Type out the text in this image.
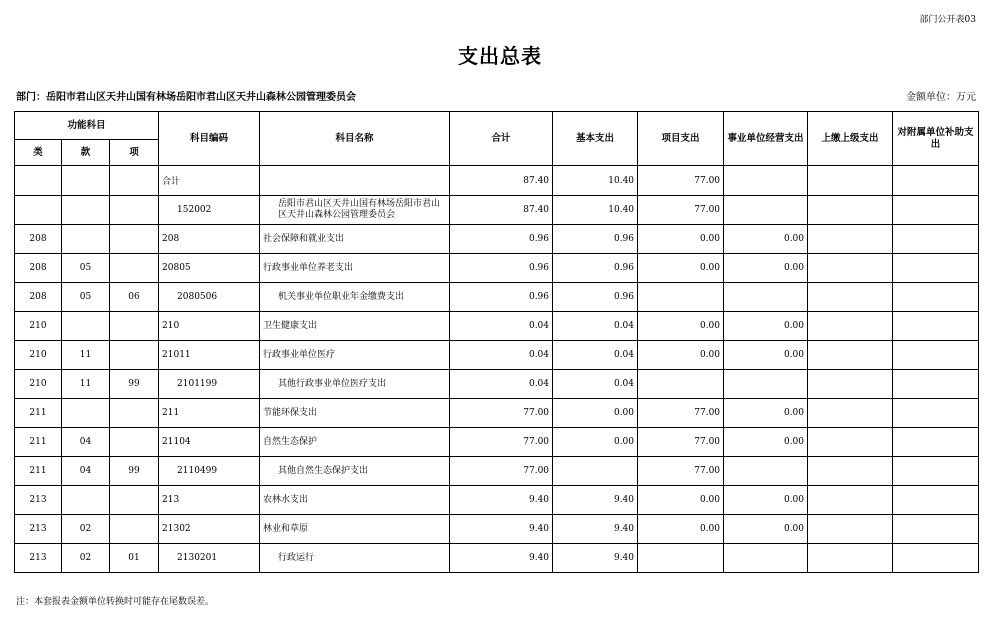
部门公开表03
支出总表
部门：岳阳市君山区天井山国有林场岳阳市君山区天井山森林公园管理委员会	金额单位：万元
功能科目			科目编码	科目名称	合计	基本支出	项目支出	事业单位经营支出	上缴上级支出	对附属单位补助支出
类	款	项								
			合计		87.40	10.40	77.00			
			152002	岳阳市君山区天井山国有林场岳阳市君山区天井山森林公园管理委员会	87.40	10.40	77.00			
208			208	社会保障和就业支出	0.96	0.96	0.00	0.00		
208	05		20805	行政事业单位养老支出	0.96	0.96	0.00	0.00		
208	05	06	2080506	机关事业单位职业年金缴费支出	0.96	0.96				
210			210	卫生健康支出	0.04	0.04	0.00	0.00		
210	11		21011	行政事业单位医疗	0.04	0.04	0.00	0.00		
210	11	99	2101199	其他行政事业单位医疗支出	0.04	0.04				
211			211	节能环保支出	77.00	0.00	77.00	0.00		
211	04		21104	自然生态保护	77.00	0.00	77.00	0.00		
211	04	99	2110499	其他自然生态保护支出	77.00		77.00			
213			213	农林水支出	9.40	9.40	0.00	0.00		
213	02		21302	林业和草原	9.40	9.40	0.00	0.00		
213	02	01	2130201	行政运行	9.40	9.40				
注：本套报表金额单位转换时可能存在尾数误差。
